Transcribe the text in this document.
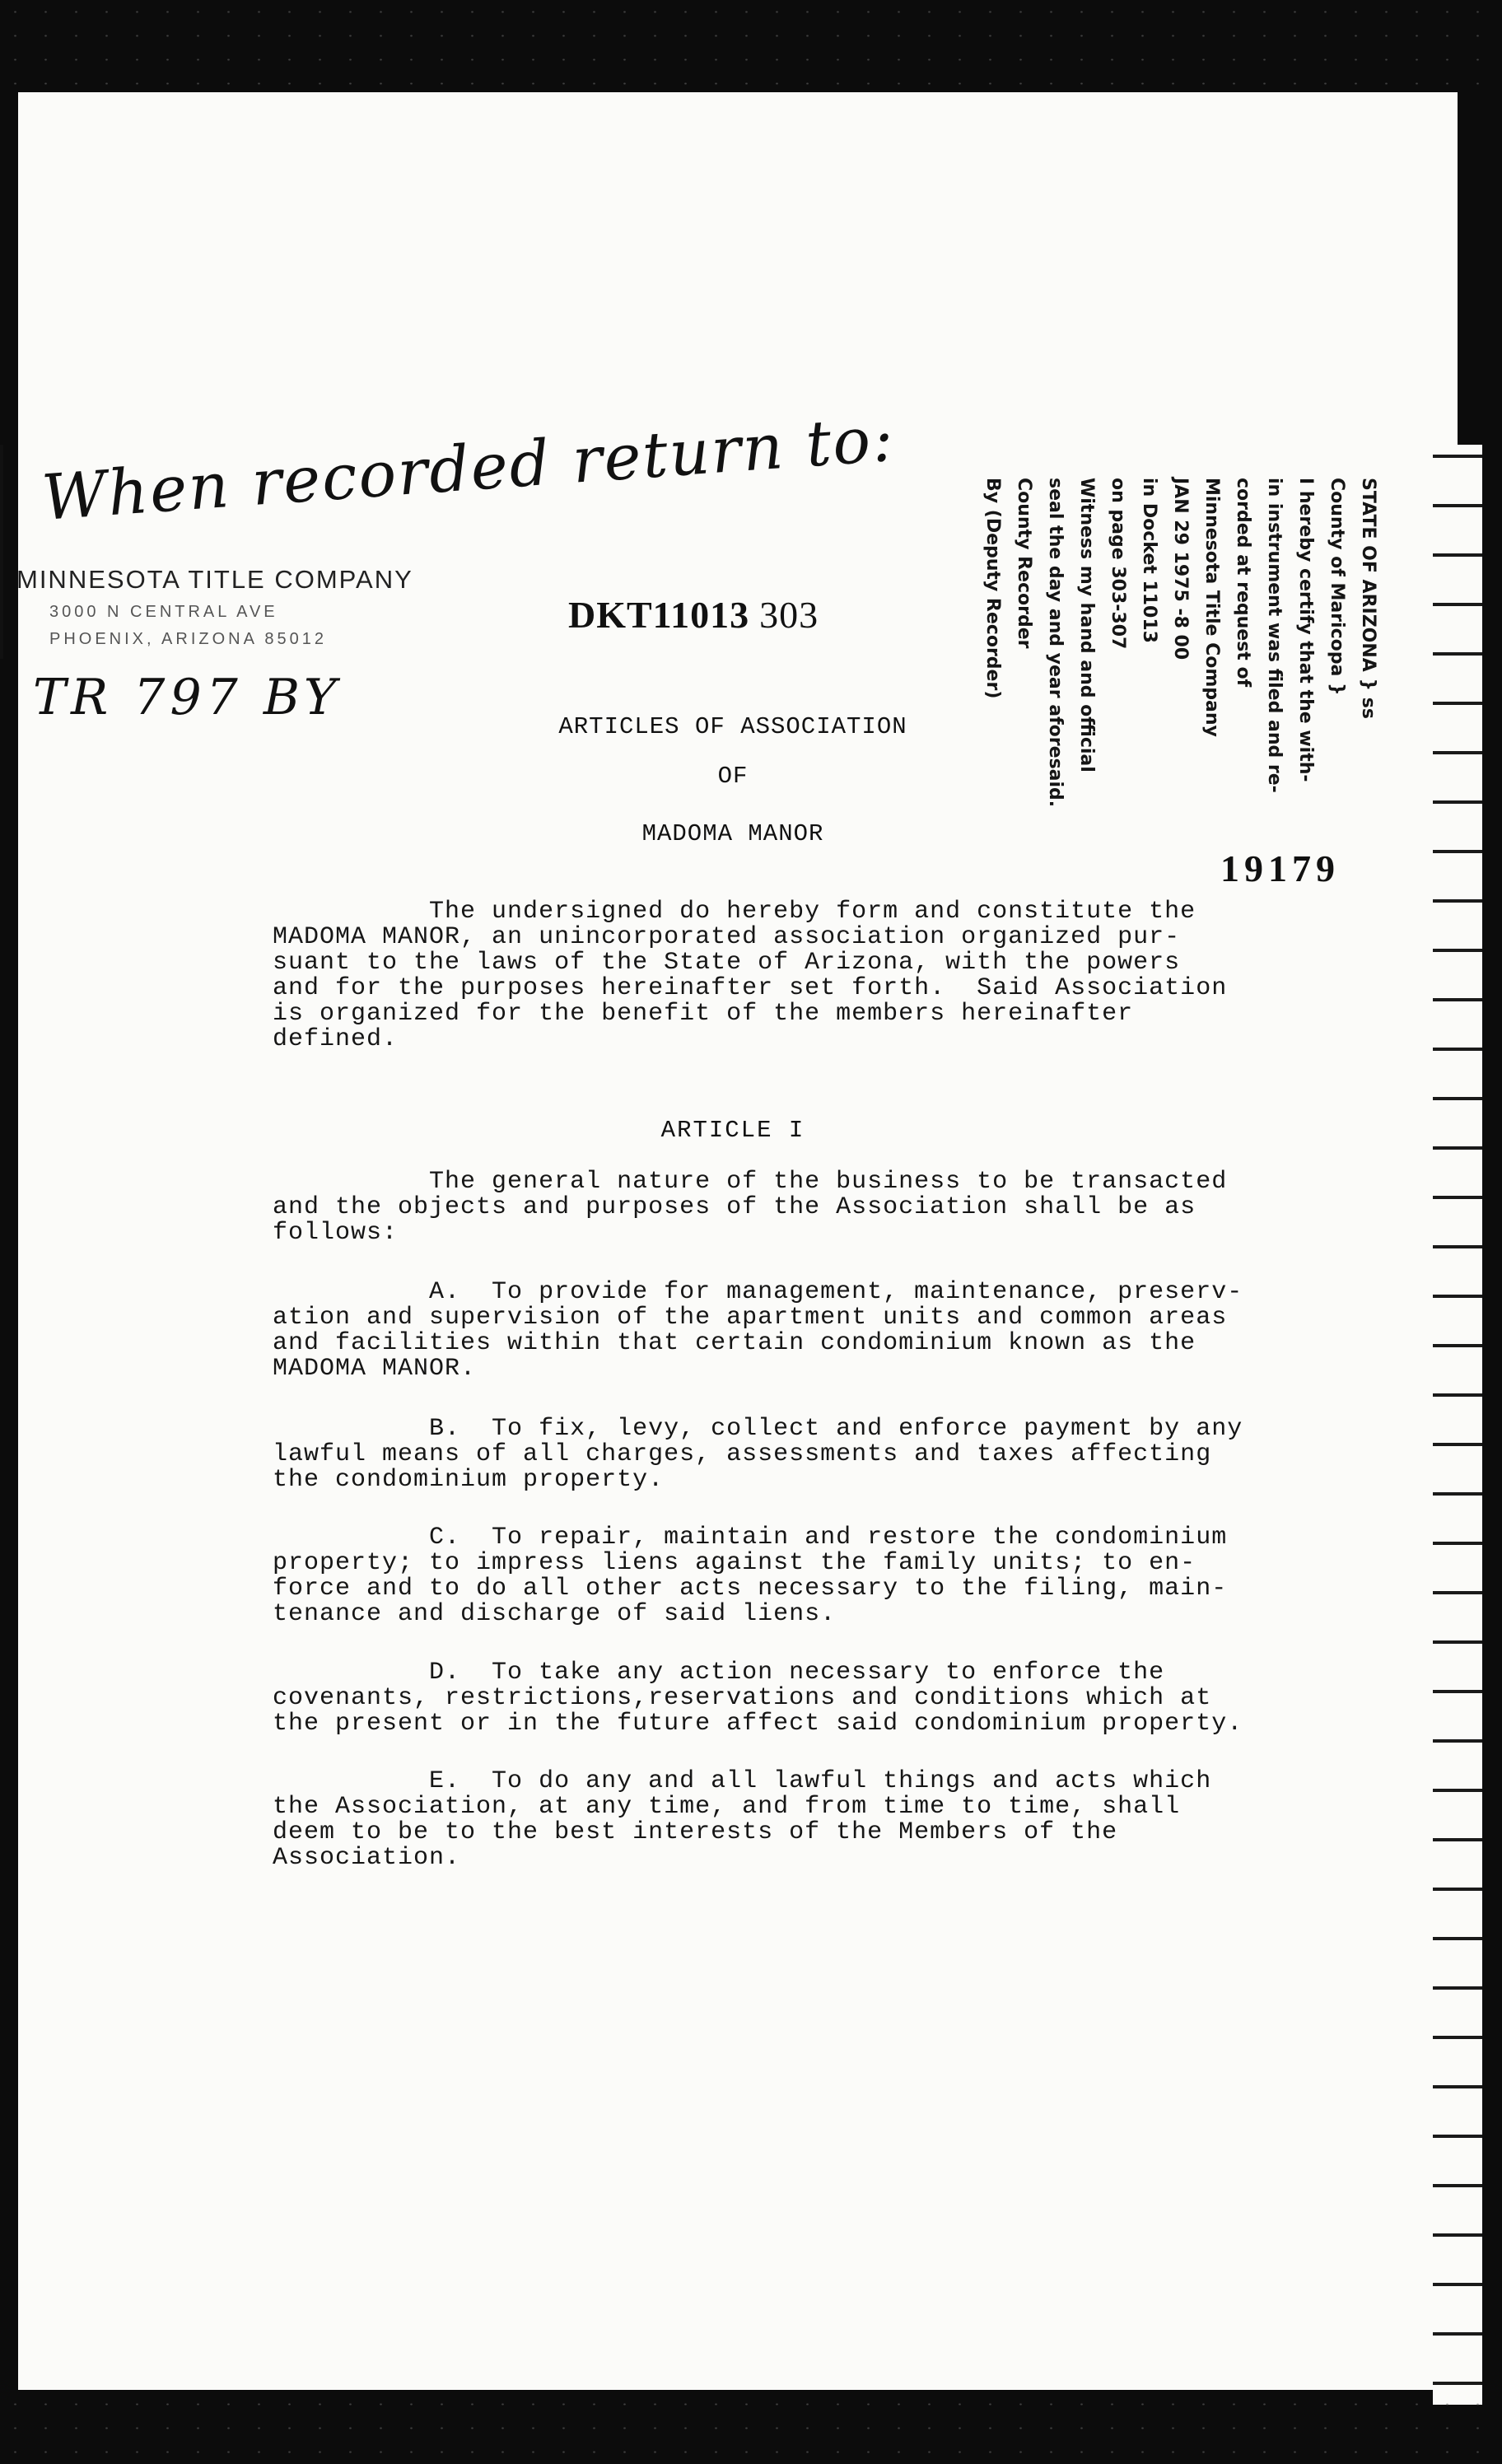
When recorded return to:
MINNESOTA TITLE COMPANY
3000 N CENTRAL AVE
PHOENIX, ARIZONA 85012
TR 797 BY
DKT11013 303	STATE OF ARIZONA } ss
County of Maricopa }
I hereby certify that the with-
in instrument was filed and re-
corded at request of
Minnesota Title Company
JAN 29 1975 -8 00
in Docket 11013
on page 303-307
Witness my hand and official
seal the day and year aforesaid.
County Recorder
By (Deputy Recorder)
ARTICLES OF ASSOCIATION
OF
MADOMA MANOR
19179
The undersigned do hereby form and constitute the
MADOMA MANOR, an unincorporated association organized pur-
suant to the laws of the State of Arizona, with the powers
and for the purposes hereinafter set forth.  Said Association
is organized for the benefit of the members hereinafter
defined.
ARTICLE I
The general nature of the business to be transacted
and the objects and purposes of the Association shall be as
follows:
A.  To provide for management, maintenance, preserv-
ation and supervision of the apartment units and common areas
and facilities within that certain condominium known as the
MADOMA MANOR.
B.  To fix, levy, collect and enforce payment by any
lawful means of all charges, assessments and taxes affecting
the condominium property.
C.  To repair, maintain and restore the condominium
property; to impress liens against the family units; to en-
force and to do all other acts necessary to the filing, main-
tenance and discharge of said liens.
D.  To take any action necessary to enforce the
covenants, restrictions,reservations and conditions which at
the present or in the future affect said condominium property.
E.  To do any and all lawful things and acts which
the Association, at any time, and from time to time, shall
deem to be to the best interests of the Members of the
Association.
